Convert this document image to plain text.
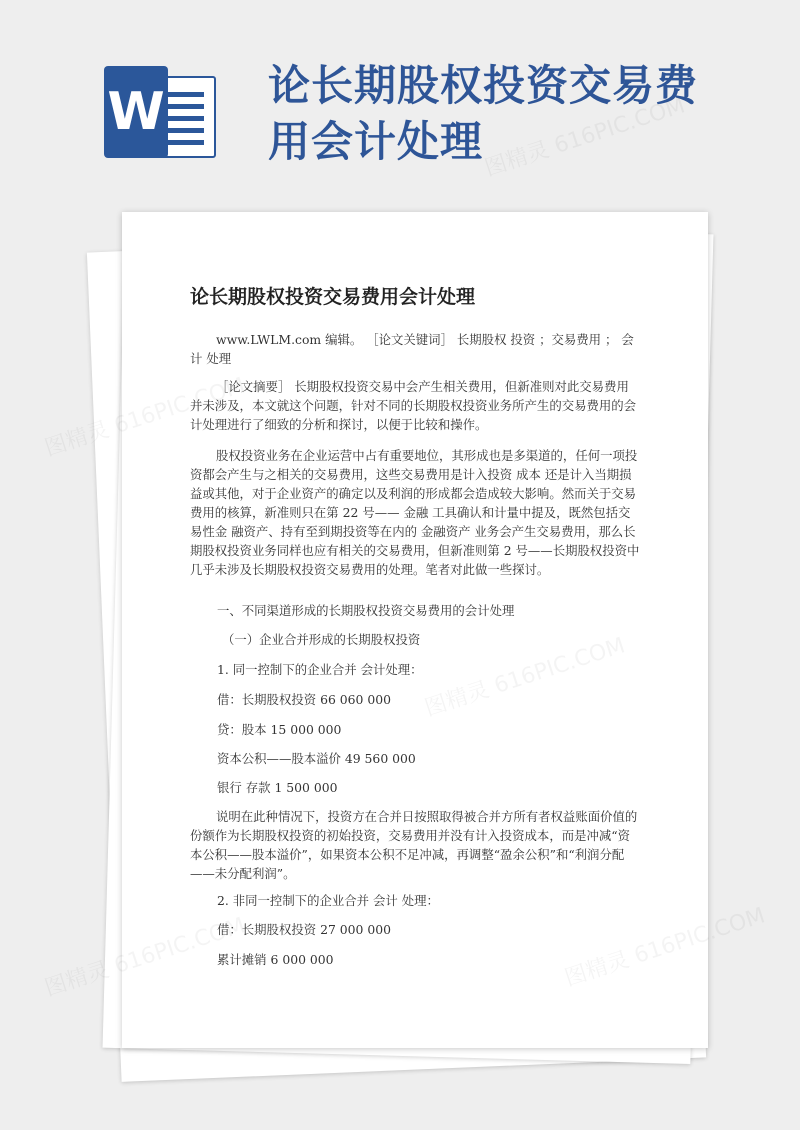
W 论长期股权投资交易费用会计处理
论长期股权投资交易费用会计处理

www.LWLM.com 编辑。 ［论文关键词］ 长期股权 投资 ；交易费用 ； 会计 处理

［论文摘要］ 长期股权投资交易中会产生相关费用，但新准则对此交易费用并未涉及，本文就这个问题，针对不同的长期股权投资业务所产生的交易费用的会计处理进行了细致的分析和探讨，以便于比较和操作。

股权投资业务在企业运营中占有重要地位，其形成也是多渠道的，任何一项投资都会产生与之相关的交易费用，这些交易费用是计入投资 成本 还是计入当期损益或其他，对于企业资产的确定以及利润的形成都会造成较大影响。然而关于交易费用的核算，新准则只在第 22 号—— 金融 工具确认和计量中提及，既然包括交易性金 融资产、持有至到期投资等在内的 金融资产 业务会产生交易费用，那么长期股权投资业务同样也应有相关的交易费用，但新准则第 2 号——长期股权投资中几乎未涉及长期股权投资交易费用的处理。笔者对此做一些探讨。

一、不同渠道形成的长期股权投资交易费用的会计处理

（一）企业合并形成的长期股权投资

1. 同一控制下的企业合并 会计处理：

借：长期股权投资 66 060 000

贷：股本 15 000 000

资本公积——股本溢价 49 560 000

银行 存款 1 500 000

说明在此种情况下，投资方在合并日按照取得被合并方所有者权益账面价值的份额作为长期股权投资的初始投资，交易费用并没有计入投资成本，而是冲减“资本公积——股本溢价”，如果资本公积不足冲减，再调整“盈余公积”和“利润分配——未分配利润”。

2. 非同一控制下的企业合并 会计 处理：

借：长期股权投资 27 000 000

累计摊销 6 000 000
